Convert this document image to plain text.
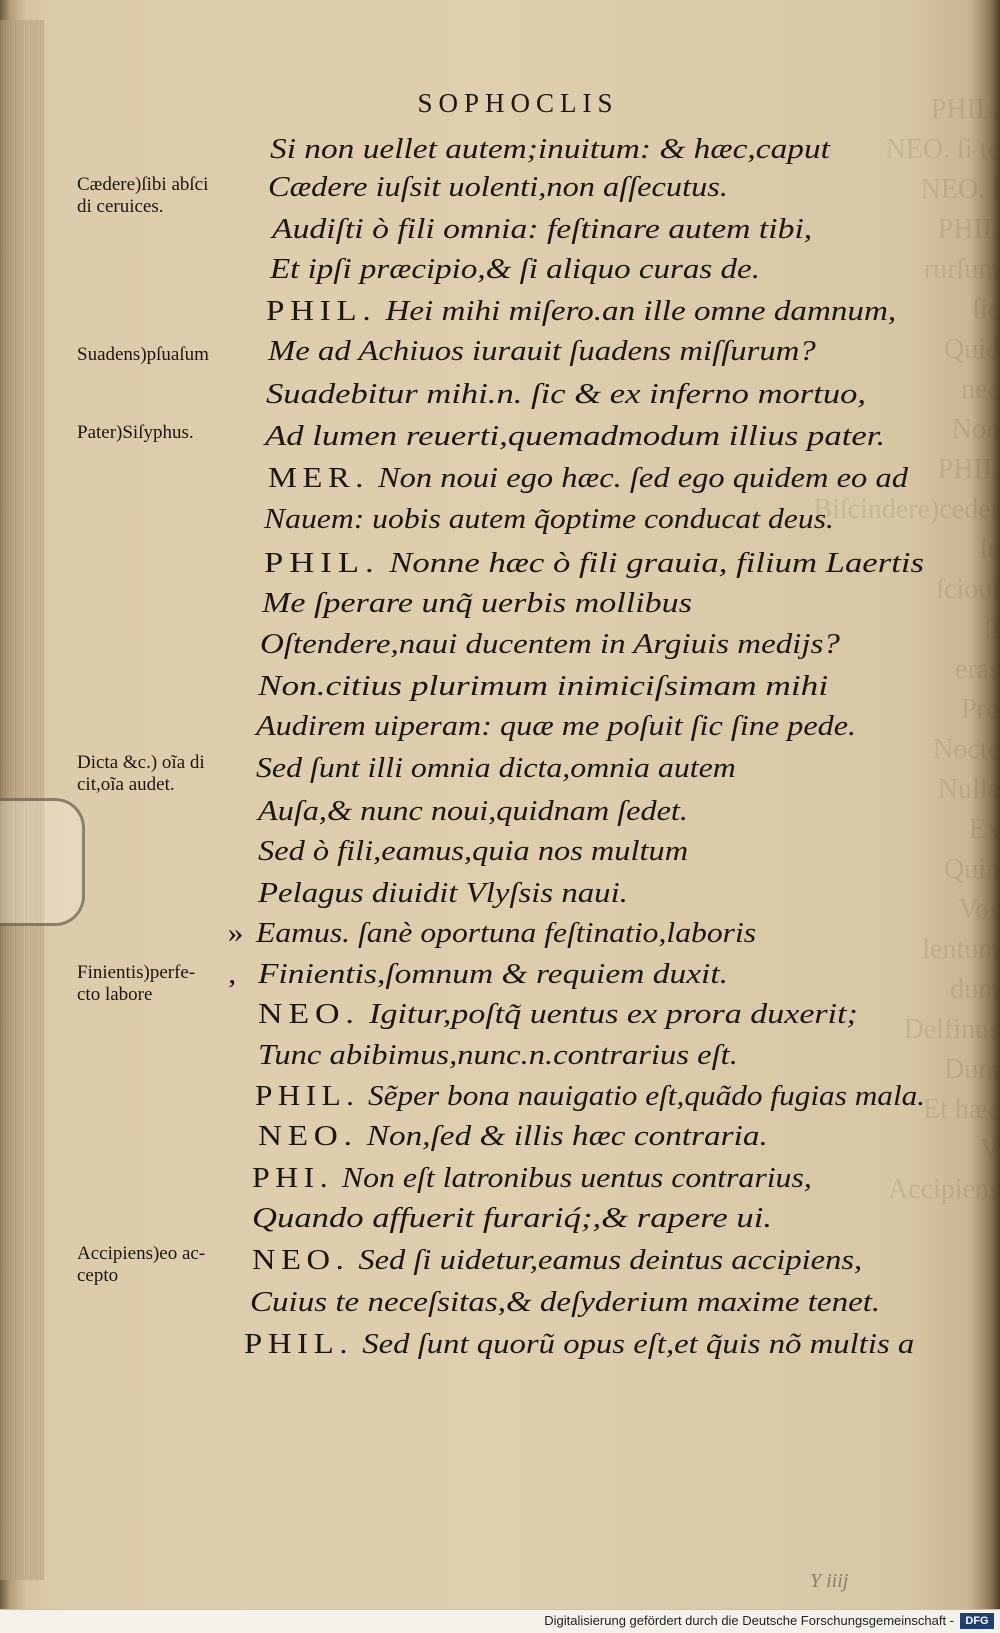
PHIL.
NEO. ſi te
NEO. ſ
PHIL
rurſum
ſic
Quid
nec
Non
PHIL
Biſcindere)ceder
ſe
ſcioui
ſi
eras
Pro
Nocte
Nulla
Ex
Quin
Vos
lentum
dum
Delfinus
Dum
Et hæc
V
Accipiens
SOPHOCLIS
Si non uellet autem;inuitum: & hæc,caput
Cædere iuſsit uolenti,non aſſecutus.
Audiſti ò fili omnia: feſtinare autem tibi,
Et ipſi præcipio,& ſi aliquo curas de.
PHIL. Hei mihi miſero.an ille omne damnum,
Me ad Achiuos iurauit ſuadens miſſurum?
Suadebitur mihi.n. ſic & ex inferno mortuo,
Ad lumen reuerti,quemadmodum illius pater.
MER. Non noui ego hæc. ſed ego quidem eo ad
Nauem: uobis autem q̃optime conducat deus.
PHIL. Nonne hæc ò fili grauia, filium Laertis
Me ſperare unq̃ uerbis mollibus
Oſtendere,naui ducentem in Argiuis medijs?
Non.citius plurimum inimiciſsimam mihi
Audirem uiperam: quæ me poſuit ſic ſine pede.
Sed ſunt illi omnia dicta,omnia autem
Auſa,& nunc noui,quidnam ſedet.
Sed ò fili,eamus,quia nos multum
Pelagus diuidit Vlyſsis naui.
» Eamus. ſanè oportuna feſtinatio,laboris
, Finientis,ſomnum & requiem duxit.
NEO. Igitur,poſtq̃ uentus ex prora duxerit;
Tunc abibimus,nunc.n.contrarius eſt.
PHIL. Sẽper bona nauigatio eſt,quãdo fugias mala.
NEO. Non,ſed & illis hæc contraria.
PHI. Non eſt latronibus uentus contrarius,
Quando affuerit furariq́;,& rapere ui.
NEO. Sed ſi uidetur,eamus deintus accipiens,
Cuius te neceſsitas,& deſyderium maxime tenet.
PHIL. Sed ſunt quorũ opus eſt,et q̃uis nõ multis a
Cædere)ſibi abſci
di ceruices.
Suadens)pſuaſum
Pater)Siſyphus.
Dicta &c.) oĩa di
cit,oĩa audet.
Finientis)perfe-
cto labore
Accipiens)eo ac-
cepto
Y iiij
Digitalisierung gefördert durch die Deutsche Forschungsgemeinschaft -	DFG
